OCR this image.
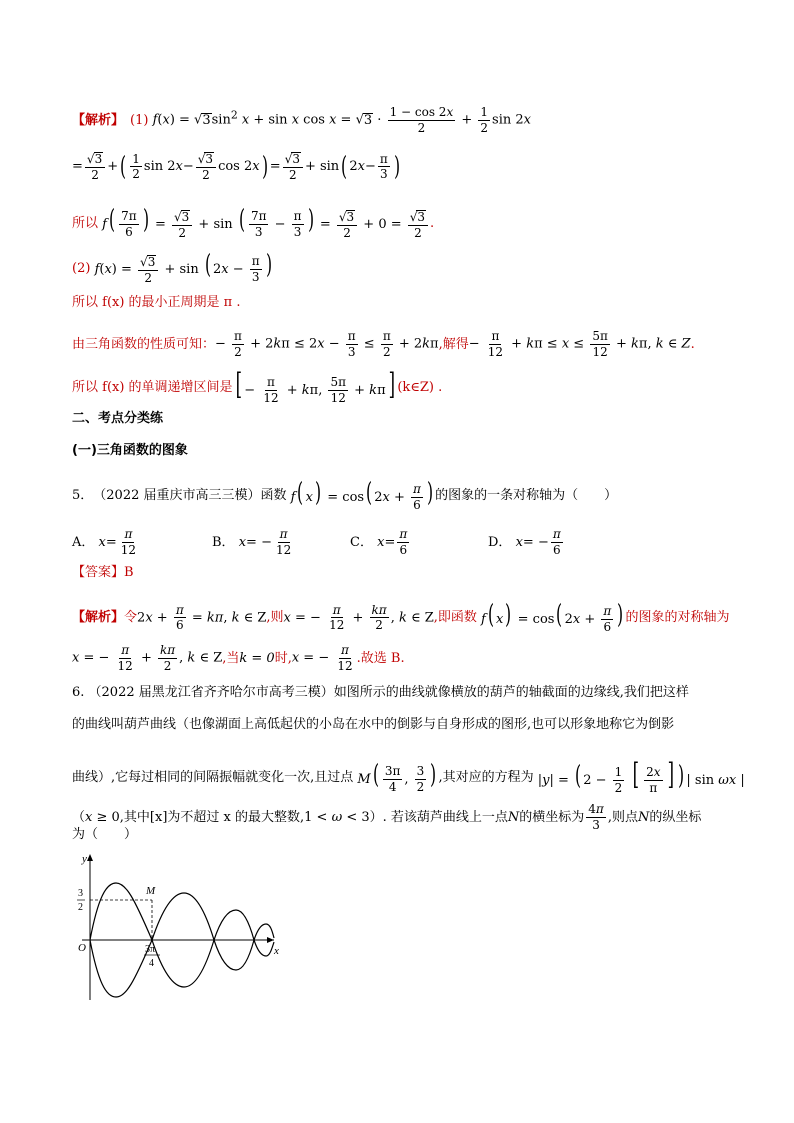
【解析】 (1) $f(x) = √3\sin^2$ x + sin x $\cos x = √3 \cdot \frac{1 - \cos 2x}{2} + \frac{1}{2}$ sin 2x
= $\frac{√3}{2}$ + ( $\frac{1}{2}$ sin 2 $x - \frac{√3}{2}$ cos 2 x ) = $\frac{√3}{2} + \sin$ ( 2 $x - \frac{\pi}{3}$ )
所以 $f( \frac{7\pi}{6}$ ) = $\frac{√3}{2} + \sin$ ( $\frac{7\pi}{3} - \frac{\pi}{3}$ ) = $\frac{√3}{2} + 0 = \frac{√3}{2}$ .
(2) $f(x) = \frac{√3}{2} + \sin$ ( $2x - \frac{\pi}{3}$ )
所以 f(x) 的最小正周期是 π .
由三角函数的性质可知： − $\frac{\pi}{2} + 2k\pi \le 2x - \frac{\pi}{3} \le \frac{\pi}{2} + 2k\pi$ ,解得 − $\frac{\pi}{12} + k\pi \le x \le \frac{5\pi}{12} + k\pi$, k ∈ Z .
所以 f(x) 的单调递增区间是 [ − $\frac{\pi}{12} + k\pi$, $\frac{5\pi}{12} + k\pi$] (k∈Z) .
二、考点分类练
(一)三角函数的图象
5． （2022 届重庆市高三三模） 函数 f( x) = cos( $2x + \frac{\pi}{6}$ ) 的图象的一条对称轴为（　　）
A．
$x = \frac{\pi}{12}$	B．
x = − $\frac{\pi}{12}$	C．
$x = \frac{\pi}{6}$	D．
x = − $\frac{\pi}{6}$
【答案】B
【解析】 令 $2x + \frac{\pi}{6} = k\pi$, k ∈ Z ,则 x = − $\frac{\pi}{12} + \frac{k\pi}{2}$ , k ∈ Z ,即函数 f( x) = cos( $2x + \frac{\pi}{6}$ ) 的图象的对称轴为
x = − $\frac{\pi}{12} + \frac{k\pi}{2}$ , k ∈ Z ,当 k = 0 时, x = − $\frac{\pi}{12}$ .故选 B.
6. （2022 届黑龙江省齐齐哈尔市高考三模）如图所示的曲线就像横放的葫芦的轴截面的边缘线,我们把这样
的曲线叫葫芦曲线（也像湖面上高低起伏的小岛在水中的倒影与自身形成的图形,也可以形象地称它为倒影
曲线）,它每过相同的间隔振幅就变化一次,且过点 $M( \frac{3\pi}{4}$ , $\frac{3}{2}$ ) ,其对应的方程为 |y| = ( $2 - \frac{1}{2}$ [ $\frac{2x}{\pi}$ ] ) | sin ωx |
（ x ≥ 0 ,其中[x]为不超过 x 的最大整数, 1 < ω < 3 ）. 若该葫芦曲线上一点 N 的横坐标为 $\frac{4\pi}{3}$ ,则点 N 的纵坐标
为（　　）
y
x
O
M
3
2
3π
4
